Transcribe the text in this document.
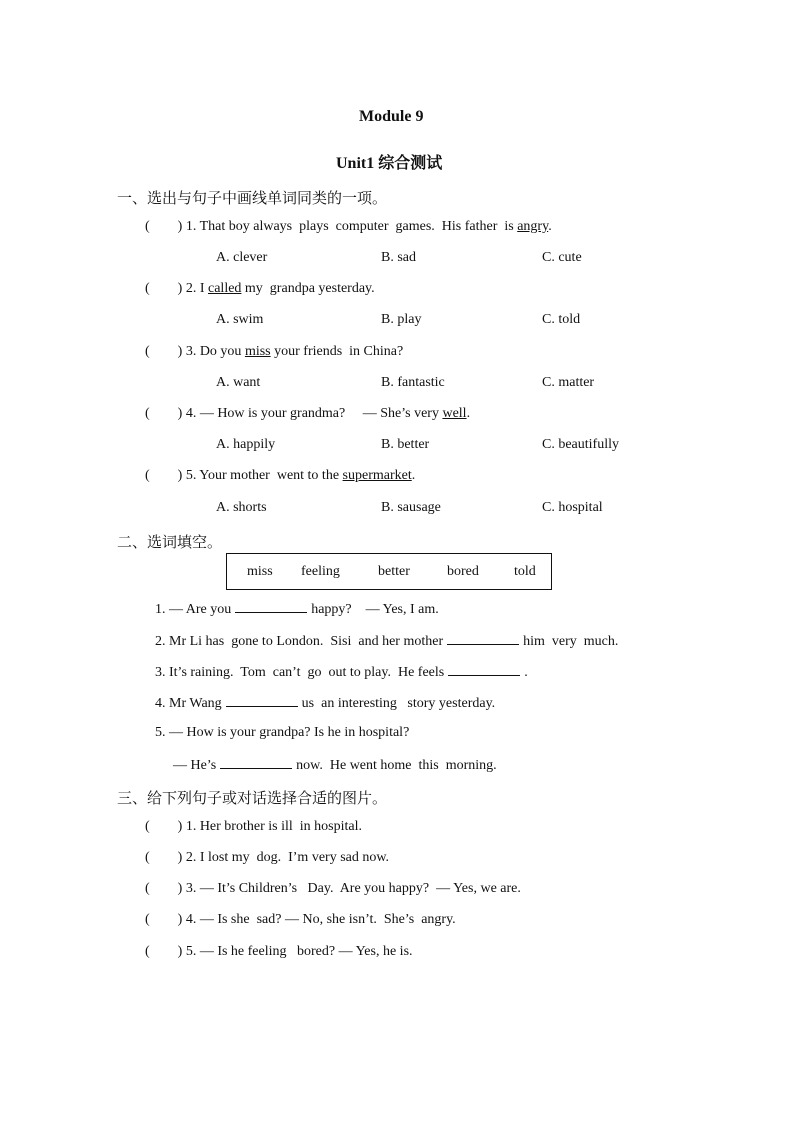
Module 9
Unit1 综合测试
一、选出与句子中画线单词同类的一项。
(        ) 1. That boy always  plays  computer  games.  His father  is angry.
A. clever	B. sad	C. cute
(        ) 2. I called my  grandpa yesterday.
A. swim	B. play	C. told
(        ) 3. Do you miss your friends  in China?
A. want	B. fantastic	C. matter
(        ) 4. — How is your grandma?     — She’s very well.
A. happily	B. better	C. beautifully
(        ) 5. Your mother  went to the supermarket.
A. shorts	B. sausage	C. hospital
二、选词填空。
miss feeling	better	bored	told
1. — Are you	happy?    — Yes, I am.
2. Mr Li has  gone to London.  Sisi  and her mother	him  very  much.
3. It’s raining.  Tom  can’t  go  out to play.  He feels	.
4. Mr Wang	us  an interesting   story yesterday.
5. — How is your grandpa? Is he in hospital?
— He’s	now.  He went home  this  morning.
三、给下列句子或对话选择合适的图片。
(        ) 1. Her brother is ill  in hospital.
(        ) 2. I lost my  dog.  I’m very sad now.
(        ) 3. — It’s Children’s   Day.  Are you happy?  — Yes, we are.
(        ) 4. — Is she  sad? — No, she isn’t.  She’s  angry.
(        ) 5. — Is he feeling   bored? — Yes, he is.
